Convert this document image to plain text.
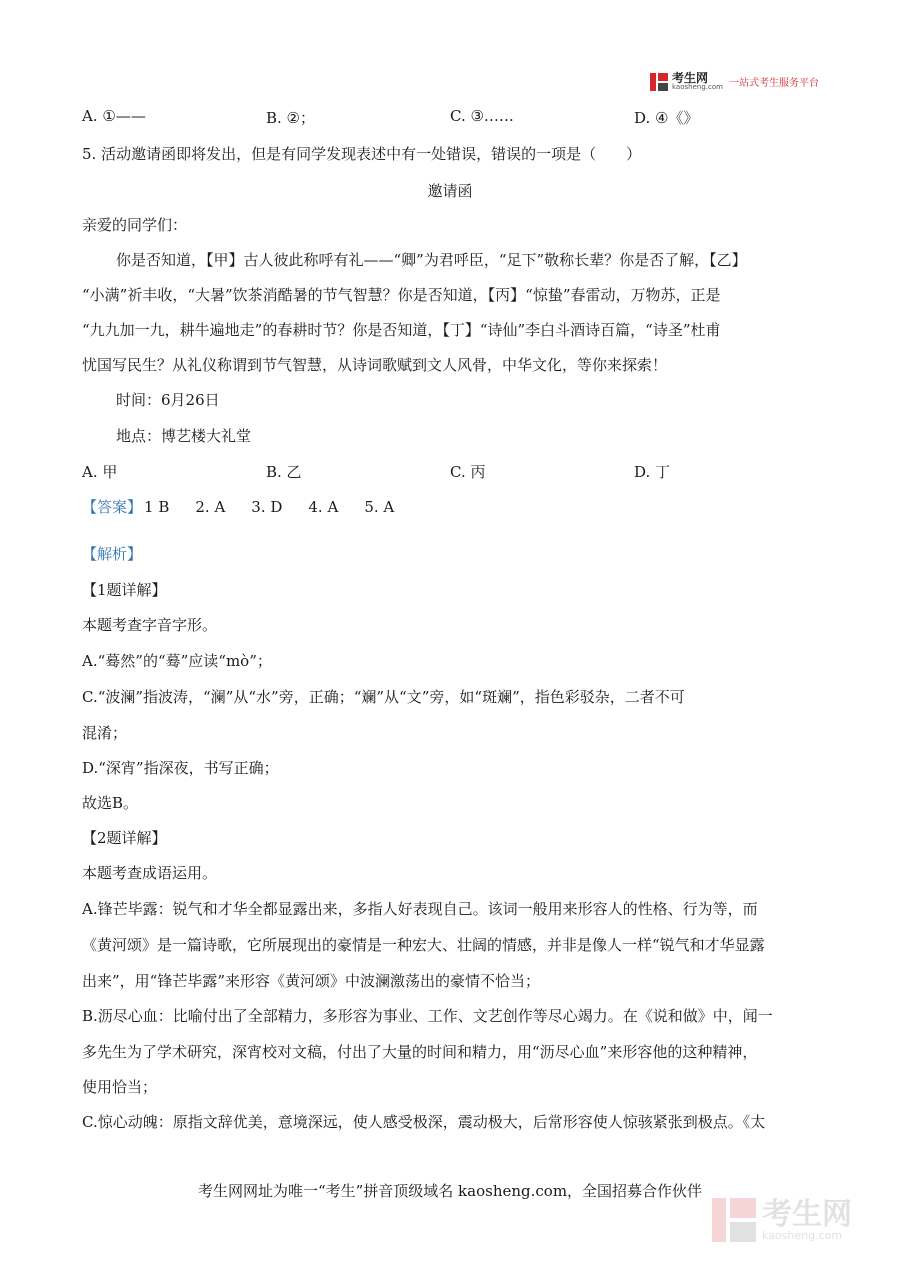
考生网
kaosheng.com 一站式考生服务平台
A. ①——	B. ②；	C. ③……	D. ④《》
5. 活动邀请函即将发出，但是有同学发现表述中有一处错误，错误的一项是（　　）
邀请函
亲爱的同学们：
你是否知道，【甲】古人彼此称呼有礼——“卿”为君呼臣，“足下”敬称长辈？你是否了解，【乙】
“小满”祈丰收，“大暑”饮茶消酷暑的节气智慧？你是否知道，【丙】“惊蛰”春雷动，万物苏，正是
“九九加一九，耕牛遍地走”的春耕时节？你是否知道，【丁】“诗仙”李白斗酒诗百篇，“诗圣”杜甫
忧国写民生？从礼仪称谓到节气智慧，从诗词歌赋到文人风骨，中华文化，等你来探索！
时间：6月26日
地点：博艺楼大礼堂
A. 甲	B. 乙	C. 丙	D. 丁
【答案】 1 B 2. A 3. D 4. A 5. A
【解析】
【1题详解】
本题考查字音字形。
A.“蓦然”的“蓦”应读“mò”；
C.“波澜”指波涛，“澜”从“水”旁，正确；“斓”从“文”旁，如“斑斓”，指色彩驳杂，二者不可
混淆；
D.“深宵”指深夜，书写正确；
故选B。
【2题详解】
本题考查成语运用。
A.锋芒毕露：锐气和才华全都显露出来，多指人好表现自己。该词一般用来形容人的性格、行为等，而
《黄河颂》是一篇诗歌，它所展现出的豪情是一种宏大、壮阔的情感，并非是像人一样“锐气和才华显露
出来”，用“锋芒毕露”来形容《黄河颂》中波澜激荡出的豪情不恰当；
B.沥尽心血：比喻付出了全部精力，多形容为事业、工作、文艺创作等尽心竭力。在《说和做》中，闻一
多先生为了学术研究，深宵校对文稿，付出了大量的时间和精力，用“沥尽心血”来形容他的这种精神，
使用恰当；
C.惊心动魄：原指文辞优美，意境深远，使人感受极深，震动极大，后常形容使人惊骇紧张到极点。《太
考生网网址为唯一“考生”拼音顶级域名 kaosheng.com，全国招募合作伙伴
考生网
kaosheng.com
